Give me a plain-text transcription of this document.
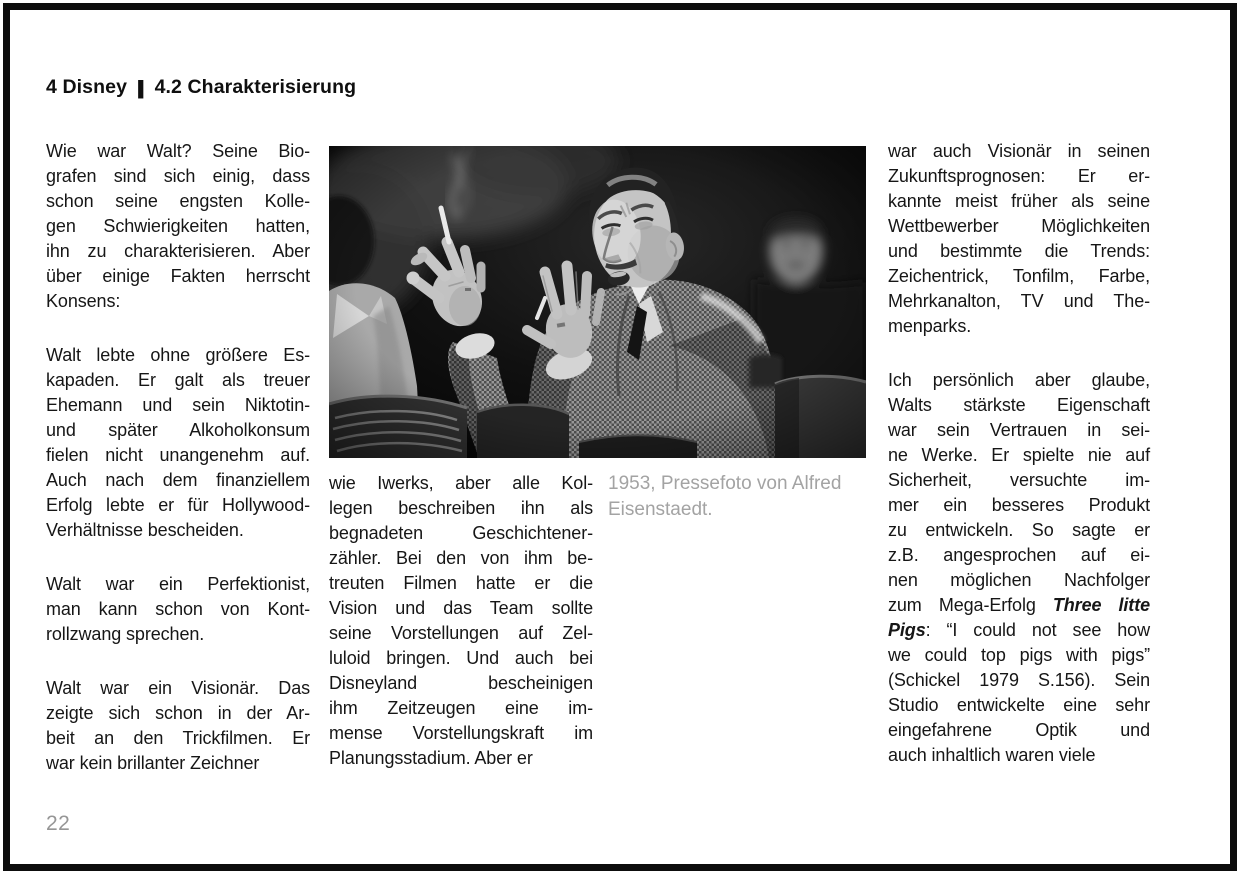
4 Disney | 4.2 Charakterisierung
Wie war Walt? Seine Bio-
grafen sind sich einig, dass
schon seine engsten Kolle-
gen Schwierigkeiten hatten,
ihn zu charakterisieren. Aber
über einige Fakten herrscht
Konsens:
Walt lebte ohne größere Es-
kapaden. Er galt als treuer
Ehemann und sein Niktotin-
und später Alkoholkonsum
fielen nicht unangenehm auf.
Auch nach dem finanziellem
Erfolg lebte er für Hollywood-
Verhältnisse bescheiden.
Walt war ein Perfektionist,
man kann schon von Kont-
rollzwang sprechen.
Walt war ein Visionär. Das
zeigte sich schon in der Ar-
beit an den Trickfilmen. Er
war kein brillanter Zeichner
1953, Pressefoto von Alfred
Eisenstaedt.
wie Iwerks, aber alle Kol-
legen beschreiben ihn als
begnadeten Geschichtener-
zähler. Bei den von ihm be-
treuten Filmen hatte er die
Vision und das Team sollte
seine Vorstellungen auf Zel-
luloid bringen. Und auch bei
Disneyland bescheinigen
ihm Zeitzeugen eine im-
mense Vorstellungskraft im
Planungsstadium. Aber er
war auch Visionär in seinen
Zukunftsprognosen: Er er-
kannte meist früher als seine
Wettbewerber Möglichkeiten
und bestimmte die Trends:
Zeichentrick, Tonfilm, Farbe,
Mehrkanalton, TV und The-
menparks.
Ich persönlich aber glaube,
Walts stärkste Eigenschaft
war sein Vertrauen in sei-
ne Werke. Er spielte nie auf
Sicherheit, versuchte im-
mer ein besseres Produkt
zu entwickeln. So sagte er
z.B. angesprochen auf ei-
nen möglichen Nachfolger
zum Mega-Erfolg Three litte
Pigs: “I could not see how
we could top pigs with pigs”
(Schickel 1979 S.156). Sein
Studio entwickelte eine sehr
eingefahrene Optik und
auch inhaltlich waren viele
22
